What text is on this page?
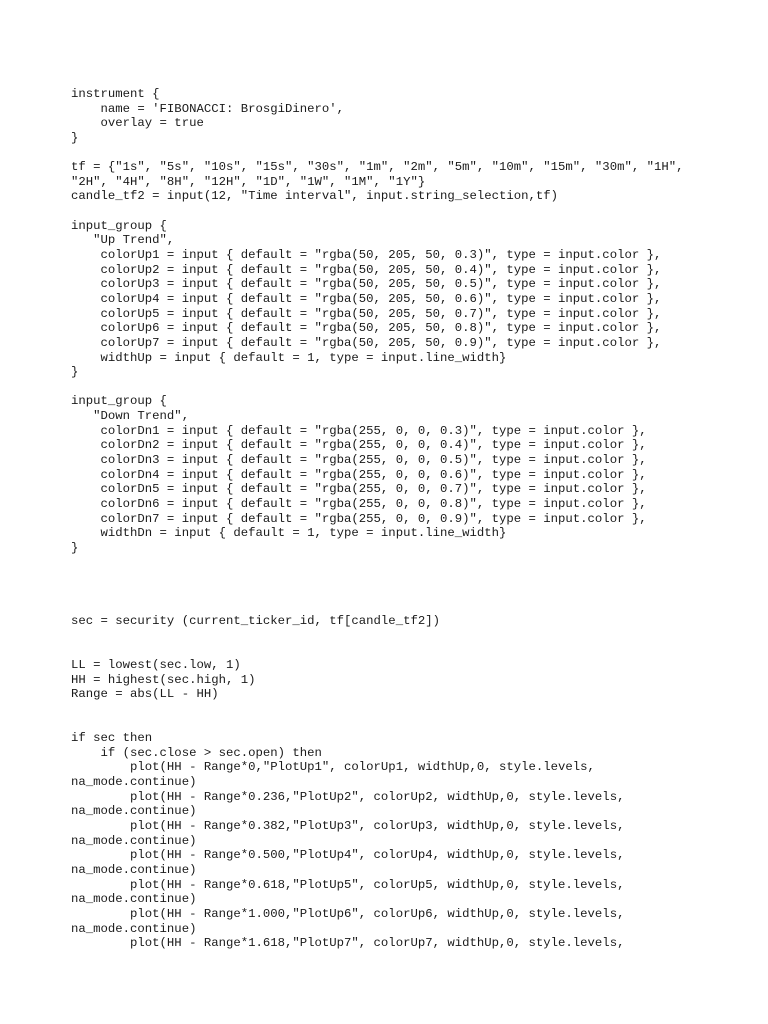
instrument {
name = 'FIBONACCI: BrosgiDinero',
overlay = true
}
tf = {"1s", "5s", "10s", "15s", "30s", "1m", "2m", "5m", "10m", "15m", "30m", "1H",
"2H", "4H", "8H", "12H", "1D", "1W", "1M", "1Y"}
candle_tf2 = input(12, "Time interval", input.string_selection,tf)
input_group {
"Up Trend",
colorUp1 = input { default = "rgba(50, 205, 50, 0.3)", type = input.color },
colorUp2 = input { default = "rgba(50, 205, 50, 0.4)", type = input.color },
colorUp3 = input { default = "rgba(50, 205, 50, 0.5)", type = input.color },
colorUp4 = input { default = "rgba(50, 205, 50, 0.6)", type = input.color },
colorUp5 = input { default = "rgba(50, 205, 50, 0.7)", type = input.color },
colorUp6 = input { default = "rgba(50, 205, 50, 0.8)", type = input.color },
colorUp7 = input { default = "rgba(50, 205, 50, 0.9)", type = input.color },
widthUp = input { default = 1, type = input.line_width}
}
input_group {
"Down Trend",
colorDn1 = input { default = "rgba(255, 0, 0, 0.3)", type = input.color },
colorDn2 = input { default = "rgba(255, 0, 0, 0.4)", type = input.color },
colorDn3 = input { default = "rgba(255, 0, 0, 0.5)", type = input.color },
colorDn4 = input { default = "rgba(255, 0, 0, 0.6)", type = input.color },
colorDn5 = input { default = "rgba(255, 0, 0, 0.7)", type = input.color },
colorDn6 = input { default = "rgba(255, 0, 0, 0.8)", type = input.color },
colorDn7 = input { default = "rgba(255, 0, 0, 0.9)", type = input.color },
widthDn = input { default = 1, type = input.line_width}
}
sec = security (current_ticker_id, tf[candle_tf2])
LL = lowest(sec.low, 1)
HH = highest(sec.high, 1)
Range = abs(LL - HH)
if sec then
if (sec.close > sec.open) then
plot(HH - Range*0,"PlotUp1", colorUp1, widthUp,0, style.levels,
na_mode.continue)
plot(HH - Range*0.236,"PlotUp2", colorUp2, widthUp,0, style.levels,
na_mode.continue)
plot(HH - Range*0.382,"PlotUp3", colorUp3, widthUp,0, style.levels,
na_mode.continue)
plot(HH - Range*0.500,"PlotUp4", colorUp4, widthUp,0, style.levels,
na_mode.continue)
plot(HH - Range*0.618,"PlotUp5", colorUp5, widthUp,0, style.levels,
na_mode.continue)
plot(HH - Range*1.000,"PlotUp6", colorUp6, widthUp,0, style.levels,
na_mode.continue)
plot(HH - Range*1.618,"PlotUp7", colorUp7, widthUp,0, style.levels,
